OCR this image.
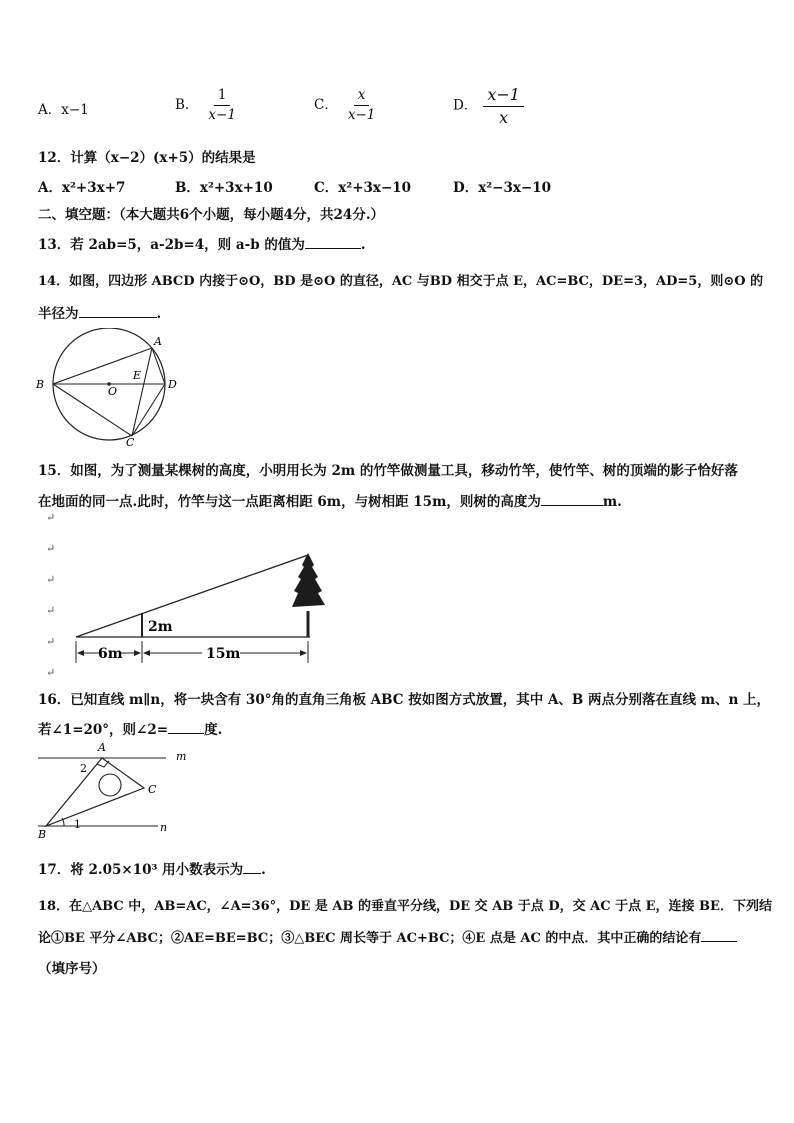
A．x−1	B． $\frac{1}{x-1}$	C． $\frac{x}{x-1}$	D． $\frac{x-1}{x}$
12．计算（x−2）(x+5）的结果是
A．x²+3x+7	B．x²+3x+10	C．x²+3x−10	D．x²−3x−10
二、填空题：（本大题共6个小题，每小题4分，共24分.）
13．若 2ab=5，a-2b=4，则 a-b 的值为	.
14．如图，四边形 ABCD 内接于⊙O，BD 是⊙O 的直径，AC 与BD 相交于点 E，AC=BC，DE=3，AD=5，则⊙O 的
半径为	.
B
A
D
C
E
O
15．如图，为了测量某棵树的高度，小明用长为 2m 的竹竿做测量工具，移动竹竿，使竹竿、树的顶端的影子恰好落
在地面的同一点.此时，竹竿与这一点距离相距 6m，与树相距 15m，则树的高度为	m.
↵
↵
↵
↵
↵
↵
2m
6m	15m
16．已知直线 m∥n，将一块含有 30°角的直角三角板 ABC 按如图方式放置，其中 A、B 两点分别落在直线 m、n 上，
若∠1=20°，则∠2=	度.
A
m
C
B
n
1
2
17．将 2.05×10³ 用小数表示为 .
18．在△ABC 中，AB=AC，∠A=36°，DE 是 AB 的垂直平分线，DE 交 AB 于点 D，交 AC 于点 E，连接 BE．下列结
论①BE 平分∠ABC；②AE=BE=BC；③△BEC 周长等于 AC+BC；④E 点是 AC 的中点．其中正确的结论有
（填序号）
